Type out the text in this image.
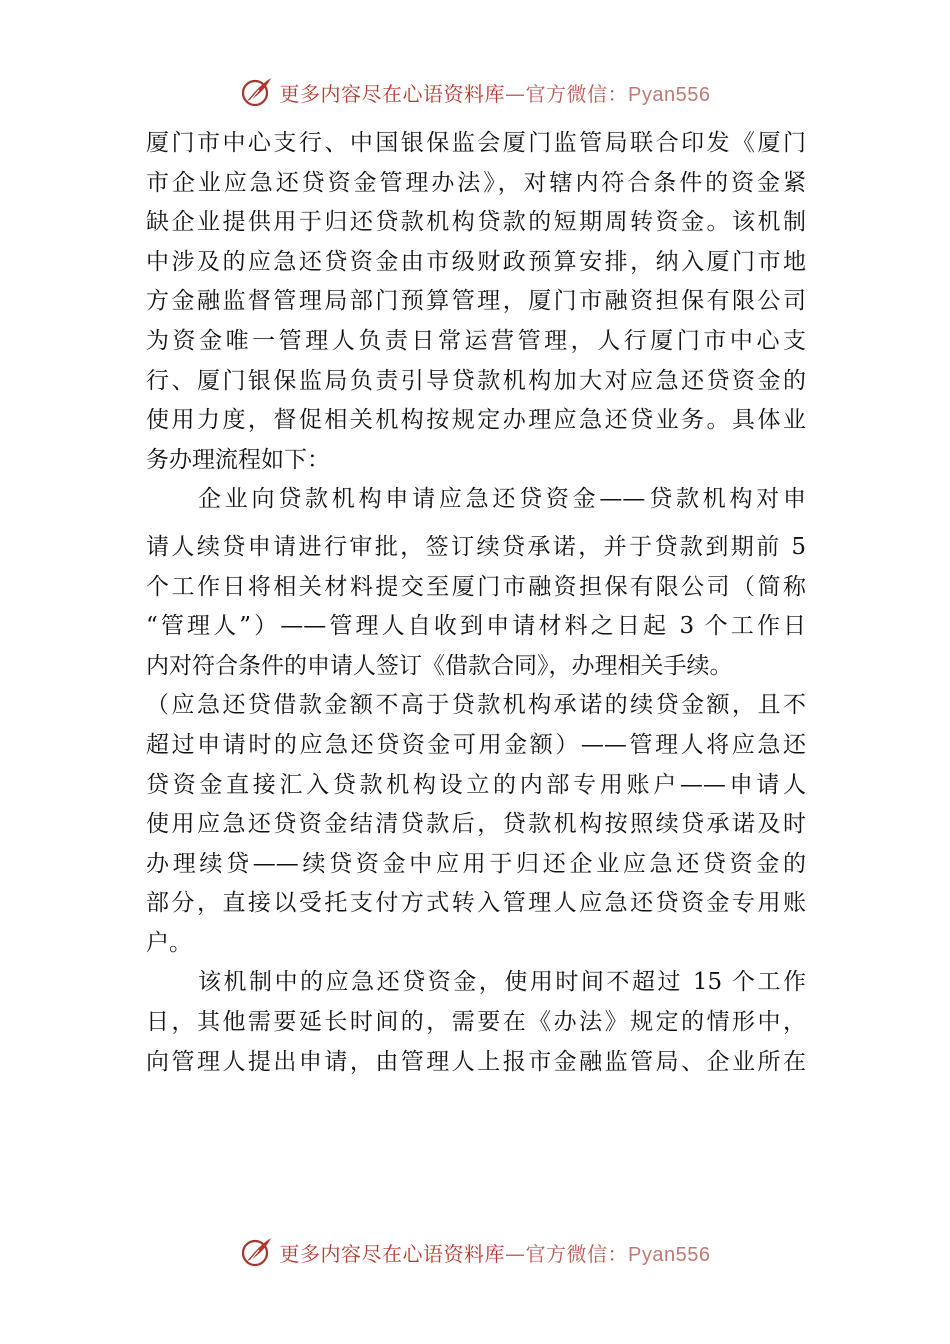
更多内容尽在心语资料库—官方微信：Pyan556
厦门市中心支行、中国银保监会厦门监管局联合印发《厦门
市企业应急还贷资金管理办法》，对辖内符合条件的资金紧
缺企业提供用于归还贷款机构贷款的短期周转资金。该机制
中涉及的应急还贷资金由市级财政预算安排，纳入厦门市地
方金融监督管理局部门预算管理，厦门市融资担保有限公司
为资金唯一管理人负责日常运营管理，人行厦门市中心支
行、厦门银保监局负责引导贷款机构加大对应急还贷资金的
使用力度，督促相关机构按规定办理应急还贷业务。具体业
务办理流程如下：
企业向贷款机构申请应急还贷资金——贷款机构对申
请人续贷申请进行审批，签订续贷承诺，并于贷款到期前 5
个工作日将相关材料提交至厦门市融资担保有限公司（简称
“管理人”）——管理人自收到申请材料之日起 3 个工作日
内对符合条件的申请人签订《借款合同》，办理相关手续。
（应急还贷借款金额不高于贷款机构承诺的续贷金额，且不
超过申请时的应急还贷资金可用金额）——管理人将应急还
贷资金直接汇入贷款机构设立的内部专用账户——申请人
使用应急还贷资金结清贷款后，贷款机构按照续贷承诺及时
办理续贷——续贷资金中应用于归还企业应急还贷资金的
部分，直接以受托支付方式转入管理人应急还贷资金专用账
户。
该机制中的应急还贷资金，使用时间不超过 15 个工作
日，其他需要延长时间的，需要在《办法》规定的情形中，
向管理人提出申请，由管理人上报市金融监管局、企业所在
更多内容尽在心语资料库—官方微信：Pyan556
